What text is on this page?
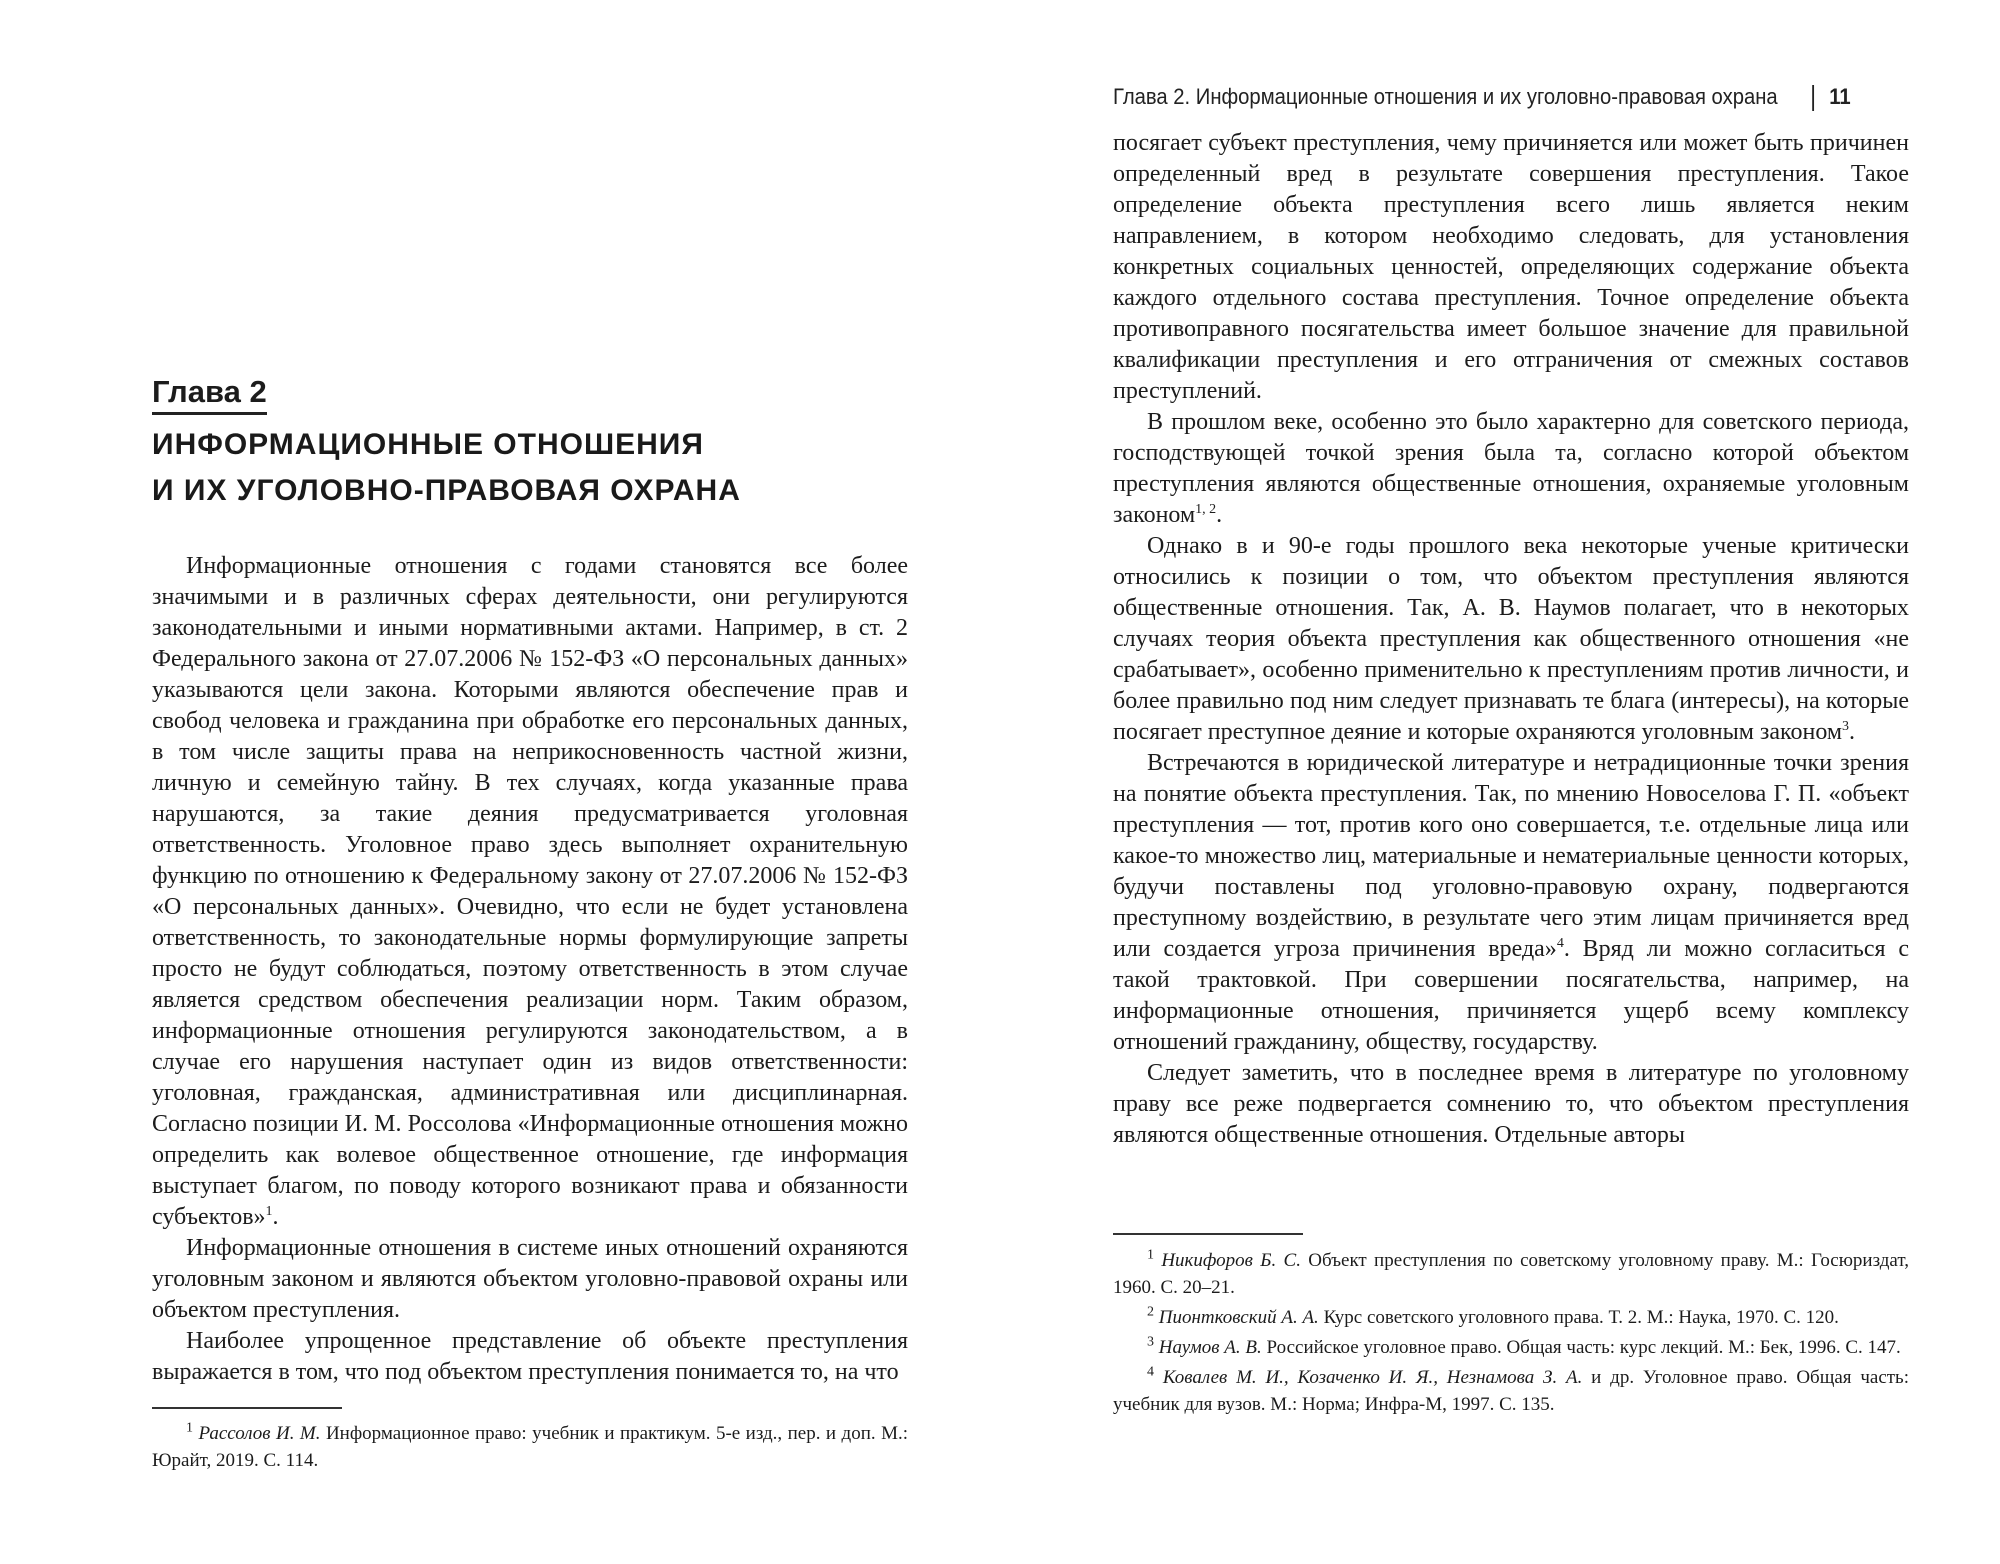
Глава 2. Информационные отношения и их уголовно-правовая охрана 11
Глава 2
ИНФОРМАЦИОННЫЕ ОТНОШЕНИЯ
И ИХ УГОЛОВНО-ПРАВОВАЯ ОХРАНА

Информационные отношения с годами становятся все более значимыми и в различных сферах деятельности, они регулируются законодательными и иными нормативными актами. Например, в ст. 2 Федерального закона от 27.07.2006 № 152-ФЗ «О персональных данных» указываются цели закона. Которыми являются обеспечение прав и свобод человека и гражданина при обработке его персональных данных, в том числе защиты права на неприкосновенность частной жизни, личную и семейную тайну. В тех случаях, когда указанные права нарушаются, за такие деяния предусматривается уголовная ответственность. Уголовное право здесь выполняет охранительную функцию по отношению к Федеральному закону от 27.07.2006 № 152-ФЗ «О персональных данных». Очевидно, что если не будет установлена ответственность, то законодательные нормы формулирующие запреты просто не будут соблюдаться, поэтому ответственность в этом случае является средством обеспечения реализации норм. Таким образом, информационные отношения регулируются законодательством, а в случае его нарушения наступает один из видов ответственности: уголовная, гражданская, административная или дисциплинарная. Согласно позиции И. М. Россолова «Информационные отношения можно определить как волевое общественное отношение, где информация выступает благом, по поводу которого возникают права и обязанности субъектов»$^1$.

Информационные отношения в системе иных отношений охраняются уголовным законом и являются объектом уголовно-правовой охраны или объектом преступления.

Наиболее упрощенное представление об объекте преступления выражается в том, что под объектом преступления понимается то, на что

$^1$ Рассолов И. М. Информационное право: учебник и практикум. 5-е изд., пер. и доп. М.: Юрайт, 2019. С. 114.

посягает субъект преступления, чему причиняется или может быть причинен определенный вред в результате совершения преступления. Такое определение объекта преступления всего лишь является неким направлением, в котором необходимо следовать, для установления конкретных социальных ценностей, определяющих содержание объекта каждого отдельного состава преступления. Точное определение объекта противоправного посягательства имеет большое значение для правильной квалификации преступления и его отграничения от смежных составов преступлений.

В прошлом веке, особенно это было характерно для советского периода, господствующей точкой зрения была та, согласно которой объектом преступления являются общественные отношения, охраняемые уголовным законом$^{1, 2}$.

Однако в и 90-е годы прошлого века некоторые ученые критически относились к позиции о том, что объектом преступления являются общественные отношения. Так, А. В. Наумов полагает, что в некоторых случаях теория объекта преступления как общественного отношения «не срабатывает», особенно применительно к преступлениям против личности, и более правильно под ним следует признавать те блага (интересы), на которые посягает преступное деяние и которые охраняются уголовным законом$^3$.

Встречаются в юридической литературе и нетрадиционные точки зрения на понятие объекта преступления. Так, по мнению Новоселова Г. П. «объект преступления — тот, против кого оно совершается, т.е. отдельные лица или какое-то множество лиц, материальные и нематериальные ценности которых, будучи поставлены под уголовно-правовую охрану, подвергаются преступному воздействию, в результате чего этим лицам причиняется вред или создается угроза причинения вреда»$^4$. Вряд ли можно согласиться с такой трактовкой. При совершении посягательства, например, на информационные отношения, причиняется ущерб всему комплексу отношений гражданину, обществу, государству.

Следует заметить, что в последнее время в литературе по уголовному праву все реже подвергается сомнению то, что объектом преступления являются общественные отношения. Отдельные авторы

$^1$ Никифоров Б. С. Объект преступления по советскому уголовному праву. М.: Госюриздат, 1960. С. 20–21.

$^2$ Пионтковский А. А. Курс советского уголовного права. Т. 2. М.: Наука, 1970. С. 120.

$^3$ Наумов А. В. Российское уголовное право. Общая часть: курс лекций. М.: Бек, 1996. С. 147.

$^4$ Ковалев М. И., Козаченко И. Я., Незнамова З. А. и др. Уголовное право. Общая часть: учебник для вузов. М.: Норма; Инфра-М, 1997. С. 135.
